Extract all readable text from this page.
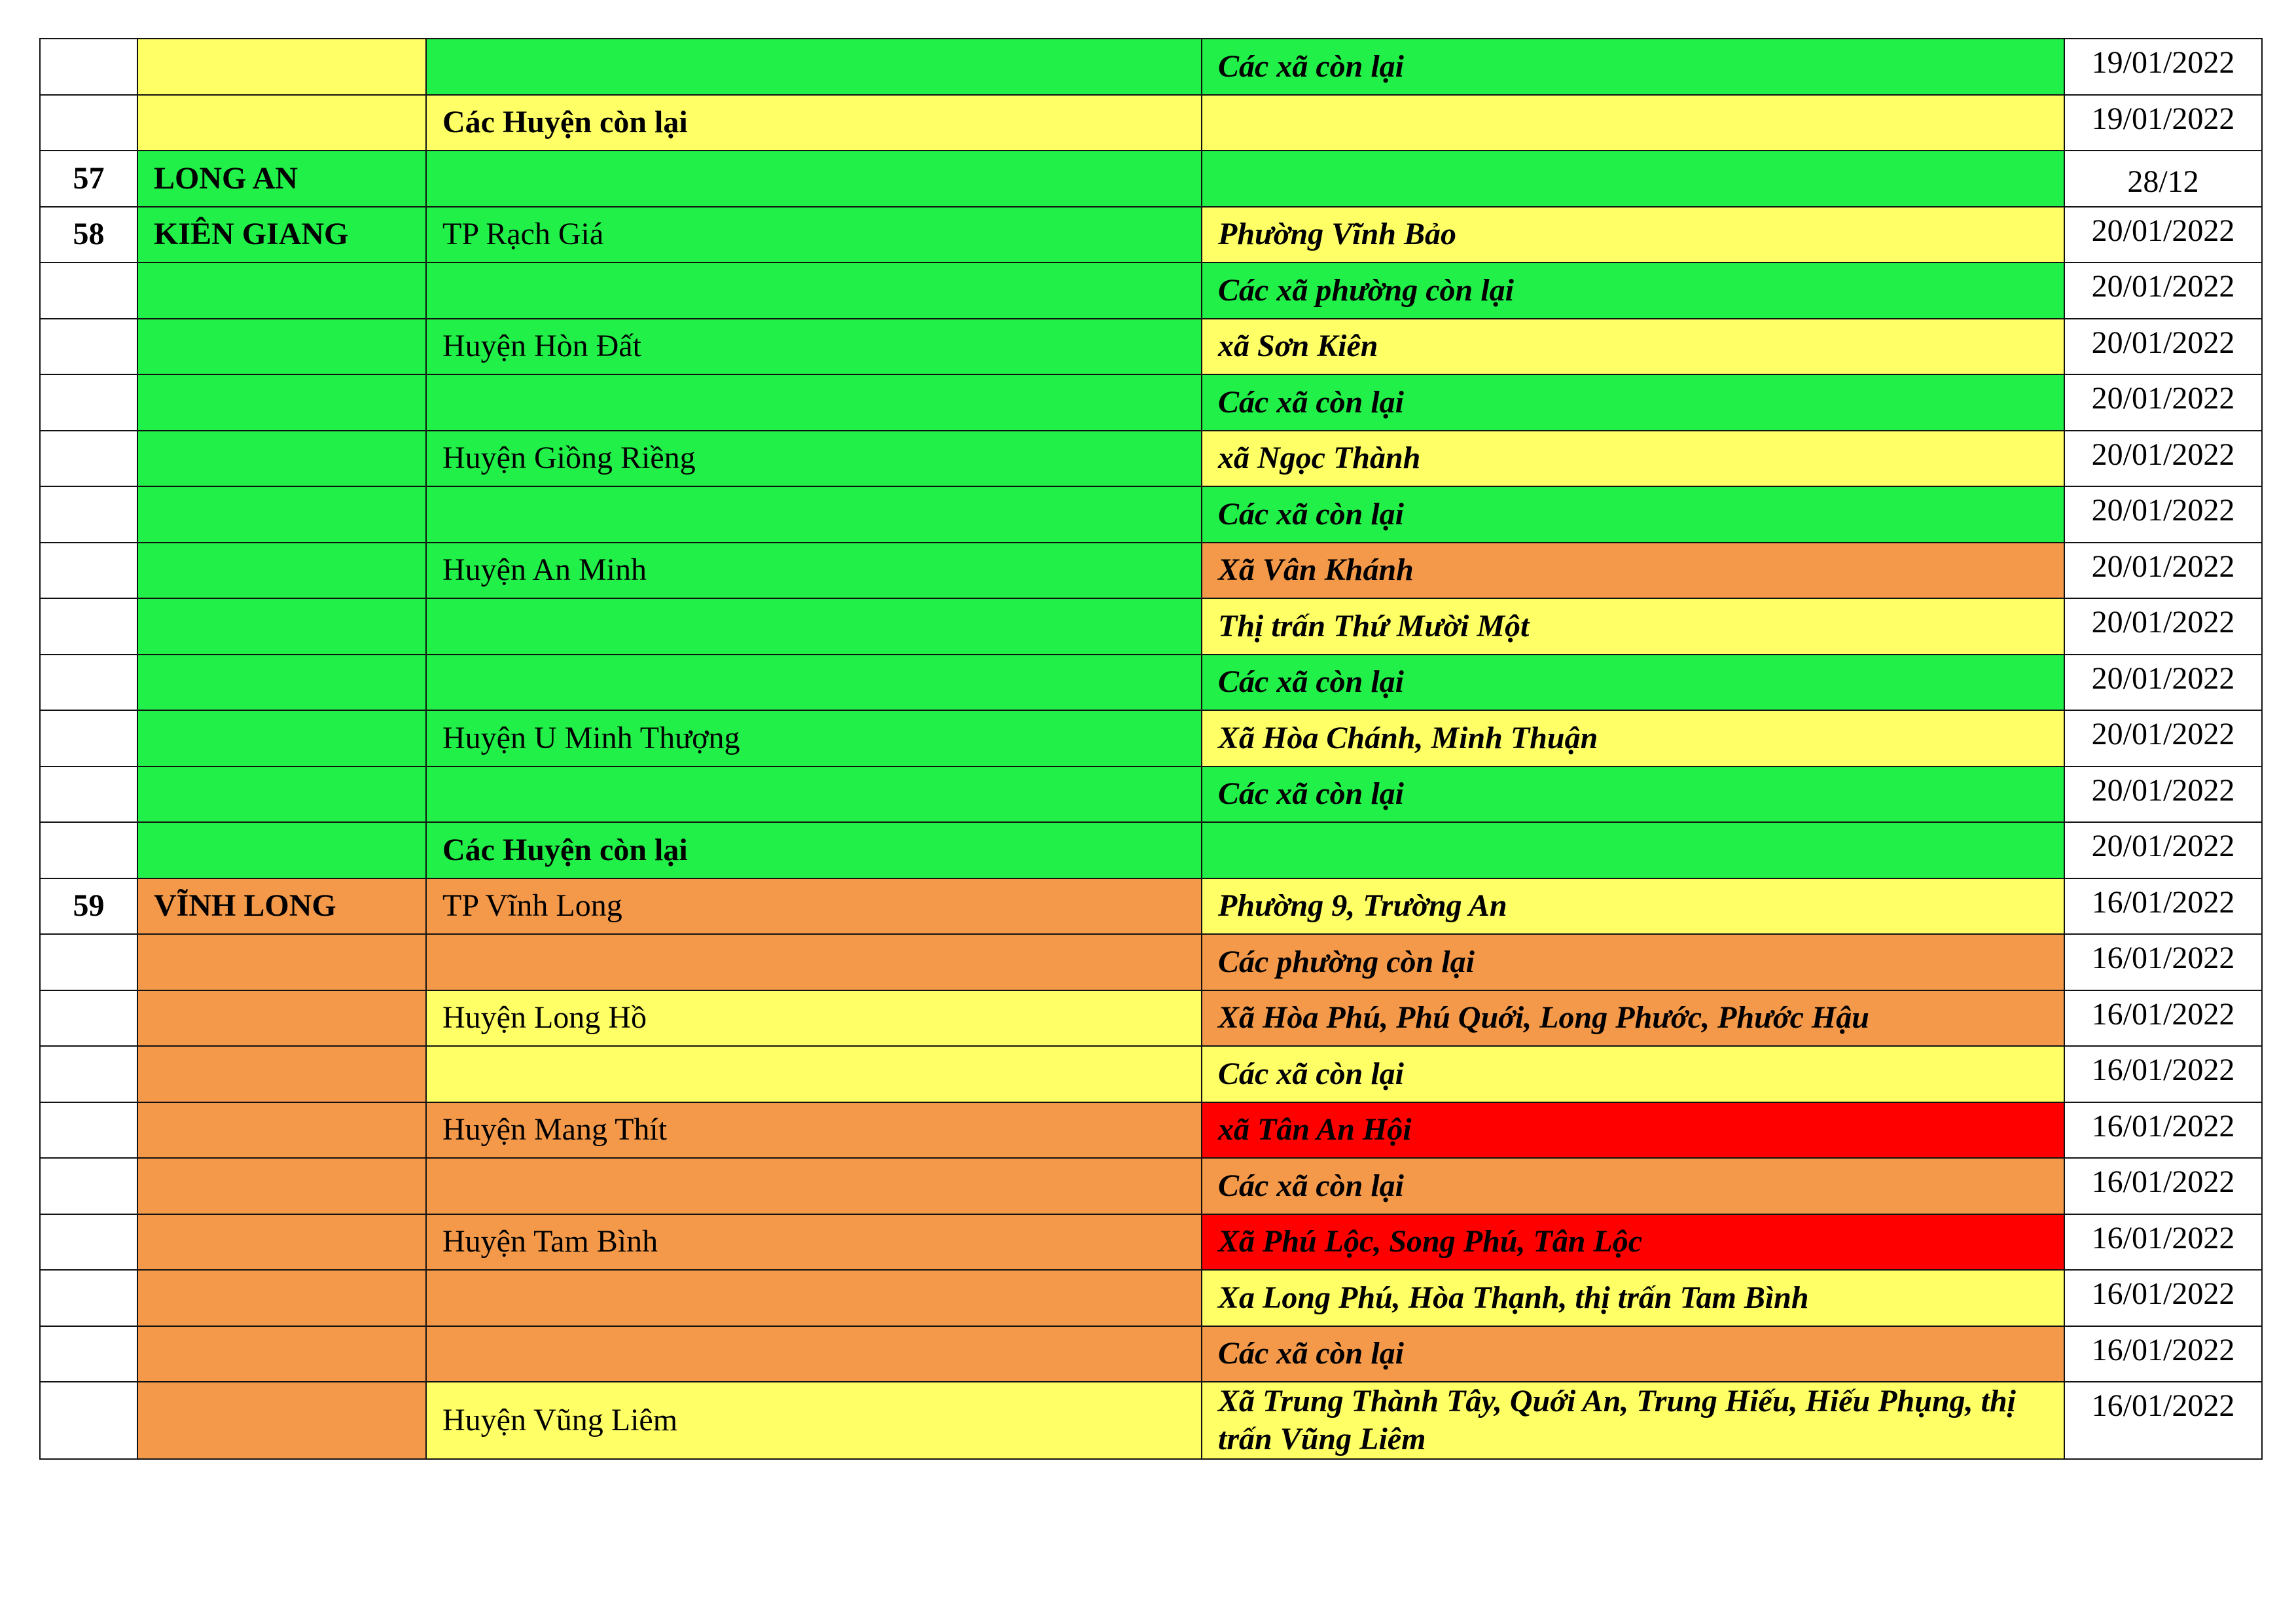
			Các xã còn lại	19/01/2022
		Các Huyện còn lại		19/01/2022
57	LONG AN			28/12
58	KIÊN GIANG	TP Rạch Giá	Phường Vĩnh Bảo	20/01/2022
			Các xã phường còn lại	20/01/2022
		Huyện Hòn Đất	xã Sơn Kiên	20/01/2022
			Các xã còn lại	20/01/2022
		Huyện Giồng Riềng	xã Ngọc Thành	20/01/2022
			Các xã còn lại	20/01/2022
		Huyện An Minh	Xã Vân Khánh	20/01/2022
			Thị trấn Thứ Mười Một	20/01/2022
			Các xã còn lại	20/01/2022
		Huyện U Minh Thượng	Xã Hòa Chánh, Minh Thuận	20/01/2022
			Các xã còn lại	20/01/2022
		Các Huyện còn lại		20/01/2022
59	VĨNH LONG	TP Vĩnh Long	Phường 9, Trường An	16/01/2022
			Các phường còn lại	16/01/2022
		Huyện Long Hồ	Xã Hòa Phú, Phú Quới, Long Phước, Phước Hậu	16/01/2022
			Các xã còn lại	16/01/2022
		Huyện Mang Thít	xã Tân An Hội	16/01/2022
			Các xã còn lại	16/01/2022
		Huyện Tam Bình	Xã Phú Lộc, Song Phú, Tân Lộc	16/01/2022
			Xa Long Phú, Hòa Thạnh, thị trấn Tam Bình	16/01/2022
			Các xã còn lại	16/01/2022
		Huyện Vũng Liêm	Xã Trung Thành Tây, Quới An, Trung Hiếu, Hiếu Phụng, thị trấn Vũng Liêm	16/01/2022
